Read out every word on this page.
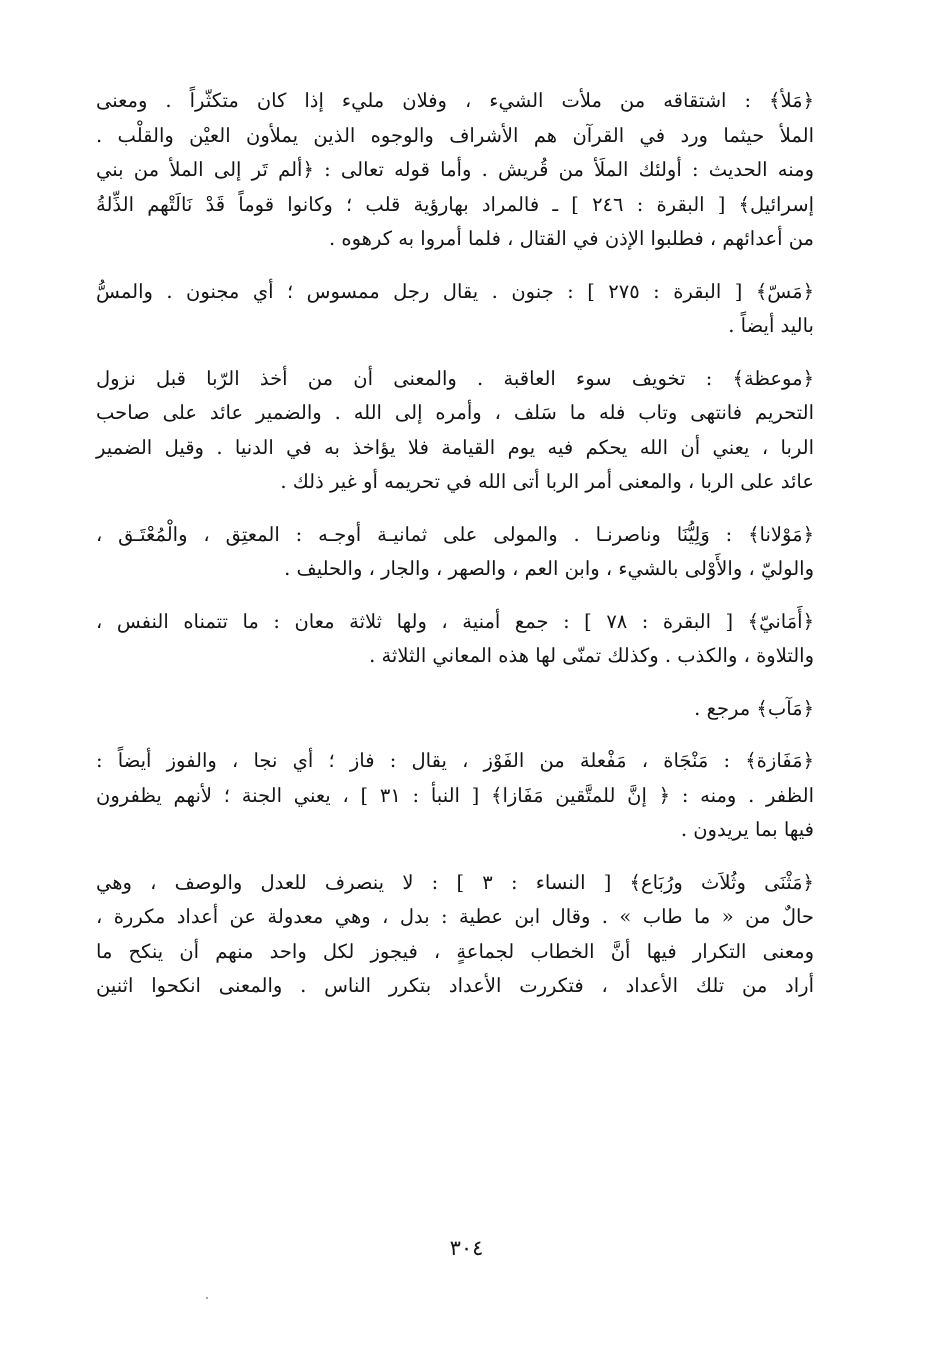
﴿مَلأ﴾ : اشتقاقه من ملأت الشيء ، وفلان مليء إذا كان متكثّراً . ومعنى
الملأ حيثما ورد في القرآن هم الأشراف والوجوه الذين يملأون العيْن والقلْب .
ومنه الحديث : أولئك الملَأ من قُريش . وأما قوله تعالى : ﴿ألم تَر إلى الملأ من بني
إسرائيل﴾ [ البقرة : ٢٤٦ ] ـ فالمراد بهارؤية قلب ؛ وكانوا قوماً قَدْ نَالَتْهم الذِّلةُ
من أعدائهم ، فطلبوا الإذن في القتال ، فلما أمروا به كرهوه .
﴿مَسّ﴾ [ البقرة : ٢٧٥ ] : جنون . يقال رجل ممسوس ؛ أي مجنون . والمسُّ
باليد أيضاً .
﴿موعظة﴾ : تخويف سوء العاقبة . والمعنى أن من أخذ الرّبا قبل نزول
التحريم فانتهى وتاب فله ما سَلف ، وأمره إلى الله . والضمير عائد على صاحب
الربا ، يعني أن الله يحكم فيه يوم القيامة فلا يؤاخذ به في الدنيا . وقيل الضمير
عائد على الربا ، والمعنى أمر الربا أتى الله في تحريمه أو غير ذلك .
﴿مَوْلانا﴾ : وَلِيُّنَا وناصرنـا . والمولى على ثمانيـة أوجـه : المعتِق ، والْمُعْتَـق ،
والوليّ ، والأَوْلى بالشيء ، وابن العم ، والصهر ، والجار ، والحليف .
﴿أَمَانيّ﴾ [ البقرة : ٧٨ ] : جمع أمنية ، ولها ثلاثة معان : ما تتمناه النفس ،
والتلاوة ، والكذب . وكذلك تمنّى لها هذه المعاني الثلاثة .
﴿مَآب﴾ مرجع .
﴿مَفَازة﴾ : مَنْجَاة ، مَفْعلة من الفَوْز ، يقال : فاز ؛ أي نجا ، والفوز أيضاً :
الظفر . ومنه : ﴿ إنَّ للمتَّقين مَفَازا﴾ [ النبأ : ٣١ ] ، يعني الجنة ؛ لأنهم يظفرون
فيها بما يريدون .
﴿مَثْنَى وثُلاَث ورُبَاع﴾ [ النساء : ٣ ] : لا ينصرف للعدل والوصف ، وهي
حالٌ من « ما طاب » . وقال ابن عطية : بدل ، وهي معدولة عن أعداد مكررة ،
ومعنى التكرار فيها أنَّ الخطاب لجماعةٍ ، فيجوز لكل واحد منهم أن ينكح ما
أراد من تلك الأعداد ، فتكررت الأعداد بتكرر الناس . والمعنى انكحوا اثنين
٣٠٤
